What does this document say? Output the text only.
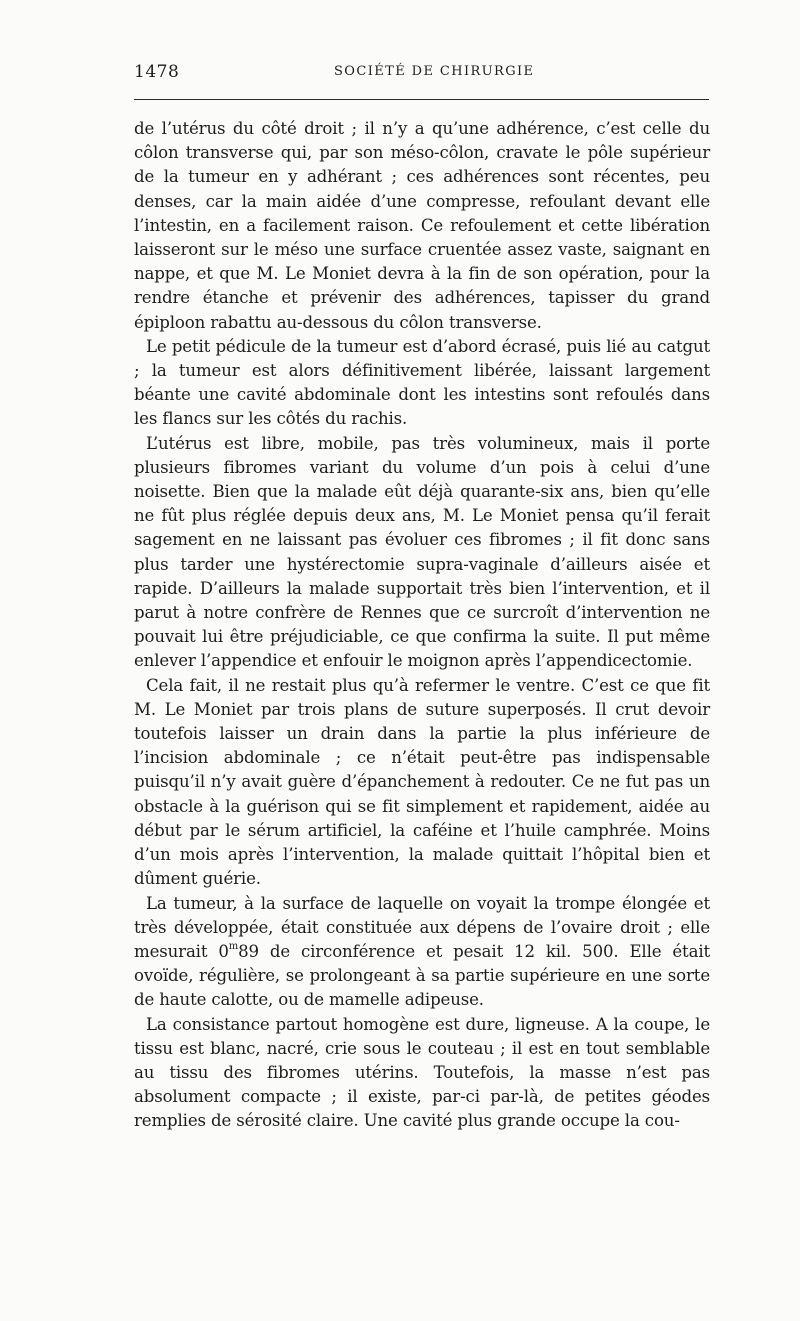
1478	SOCIÉTÉ DE CHIRURGIE

de l’utérus du côté droit ; il n’y a qu’une adhérence, c’est celle du côlon transverse qui, par son méso-côlon, cravate le pôle supérieur de la tumeur en y adhérant ; ces adhérences sont récentes, peu denses, car la main aidée d’une compresse, refoulant devant elle l’intestin, en a facilement raison. Ce refoulement et cette libération laisseront sur le méso une surface cruentée assez vaste, saignant en nappe, et que M. Le Moniet devra à la fin de son opération, pour la rendre étanche et prévenir des adhérences, tapisser du grand épiploon rabattu au-dessous du côlon transverse.

Le petit pédicule de la tumeur est d’abord écrasé, puis lié au catgut ; la tumeur est alors définitivement libérée, laissant largement béante une cavité abdominale dont les intestins sont refoulés dans les flancs sur les côtés du rachis.

L’utérus est libre, mobile, pas très volumineux, mais il porte plusieurs fibromes variant du volume d’un pois à celui d’une noisette. Bien que la malade eût déjà quarante-six ans, bien qu’elle ne fût plus réglée depuis deux ans, M. Le Moniet pensa qu’il ferait sagement en ne laissant pas évoluer ces fibromes ; il fit donc sans plus tarder une hystérectomie supra-vaginale d’ailleurs aisée et rapide. D’ailleurs la malade supportait très bien l’intervention, et il parut à notre confrère de Rennes que ce surcroît d’intervention ne pouvait lui être préjudiciable, ce que confirma la suite. Il put même enlever l’appendice et enfouir le moignon après l’appendicectomie.

Cela fait, il ne restait plus qu’à refermer le ventre. C’est ce que fit M. Le Moniet par trois plans de suture superposés. Il crut devoir toutefois laisser un drain dans la partie la plus inférieure de l’incision abdominale ; ce n’était peut-être pas indispensable puisqu’il n’y avait guère d’épanchement à redouter. Ce ne fut pas un obstacle à la guérison qui se fit simplement et rapidement, aidée au début par le sérum artificiel, la caféine et l’huile camphrée. Moins d’un mois après l’intervention, la malade quittait l’hôpital bien et dûment guérie.

La tumeur, à la surface de laquelle on voyait la trompe élongée et très développée, était constituée aux dépens de l’ovaire droit ; elle mesurait 0$^m$89 de circonférence et pesait 12 kil. 500. Elle était ovoïde, régulière, se prolongeant à sa partie supérieure en une sorte de haute calotte, ou de mamelle adipeuse.

La consistance partout homogène est dure, ligneuse. A la coupe, le tissu est blanc, nacré, crie sous le couteau ; il est en tout semblable au tissu des fibromes utérins. Toutefois, la masse n’est pas absolument compacte ; il existe, par-ci par-là, de petites géodes remplies de sérosité claire. Une cavité plus grande occupe la cou-
